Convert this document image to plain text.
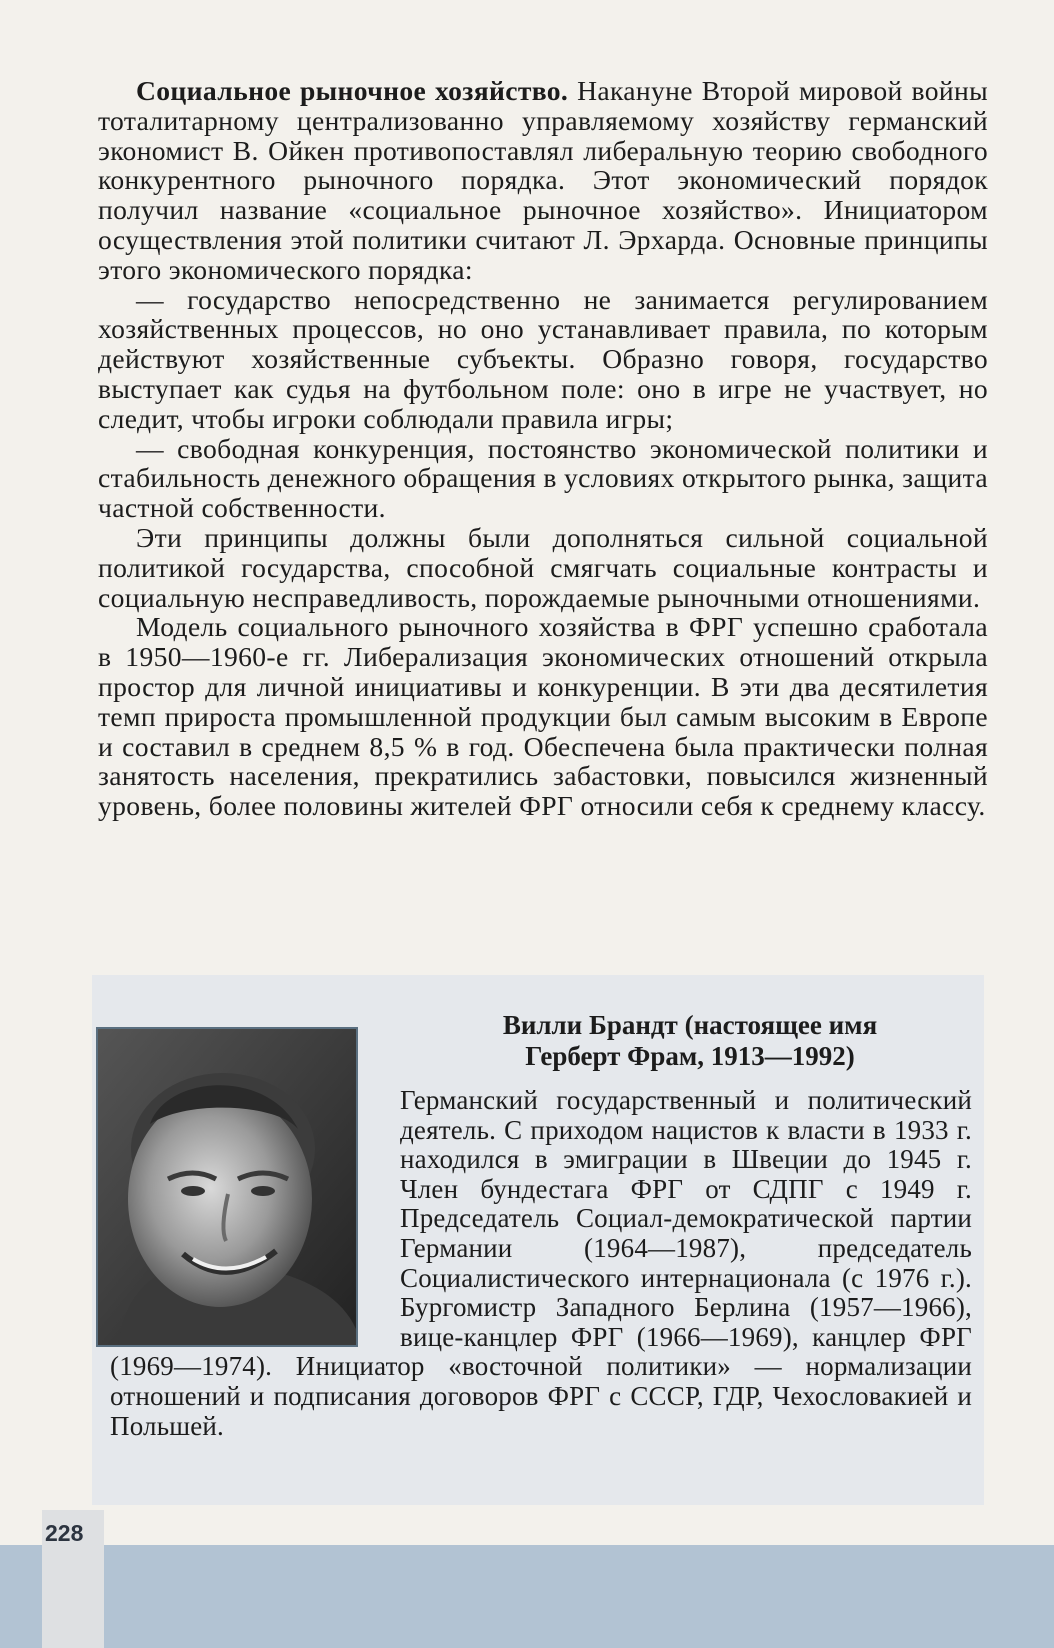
Социальное рыночное хозяйство. Накануне Второй мировой войны тоталитарному централизованно управляемому хозяйству германский экономист В. Ойкен противопоставлял либеральную теорию свободного конкурентного рыночного порядка. Этот экономический порядок получил название «социальное рыночное хозяйство». Инициатором осуществления этой политики считают Л. Эрхарда. Основные принципы этого экономического порядка:

— государство непосредственно не занимается регулированием хозяйственных процессов, но оно устанавливает правила, по которым действуют хозяйственные субъекты. Образно говоря, государство выступает как судья на футбольном поле: оно в игре не участвует, но следит, чтобы игроки соблюдали правила игры;

— свободная конкуренция, постоянство экономической политики и стабильность денежного обращения в условиях открытого рынка, защита частной собственности.

Эти принципы должны были дополняться сильной социальной политикой государства, способной смягчать социальные контрасты и социальную несправедливость, порождаемые рыночными отношениями.

Модель социального рыночного хозяйства в ФРГ успешно сработала в 1950—1960-е гг. Либерализация экономических отношений открыла простор для личной инициативы и конкуренции. В эти два десятилетия темп прироста промышленной продукции был самым высоким в Европе и составил в среднем 8,5 % в год. Обеспечена была практически полная занятость населения, прекратились забастовки, повысился жизненный уровень, более половины жителей ФРГ относили себя к среднему классу.

Вилли Брандт (настоящее имя
Герберт Фрам, 1913—1992)

Германский государственный и политический деятель. С приходом нацистов к власти в 1933 г. находился в эмиграции в Швеции до 1945 г. Член бундестага ФРГ от СДПГ с 1949 г. Председатель Социал-демократической партии Германии (1964—1987), председатель Социалистического интернационала (с 1976 г.). Бургомистр Западного Берлина (1957—1966), вице-канцлер ФРГ (1966—1969), канцлер ФРГ (1969—1974). Инициатор «восточной политики» — нормализации отношений и подписания договоров ФРГ с СССР, ГДР, Чехословакией и Польшей.

228
